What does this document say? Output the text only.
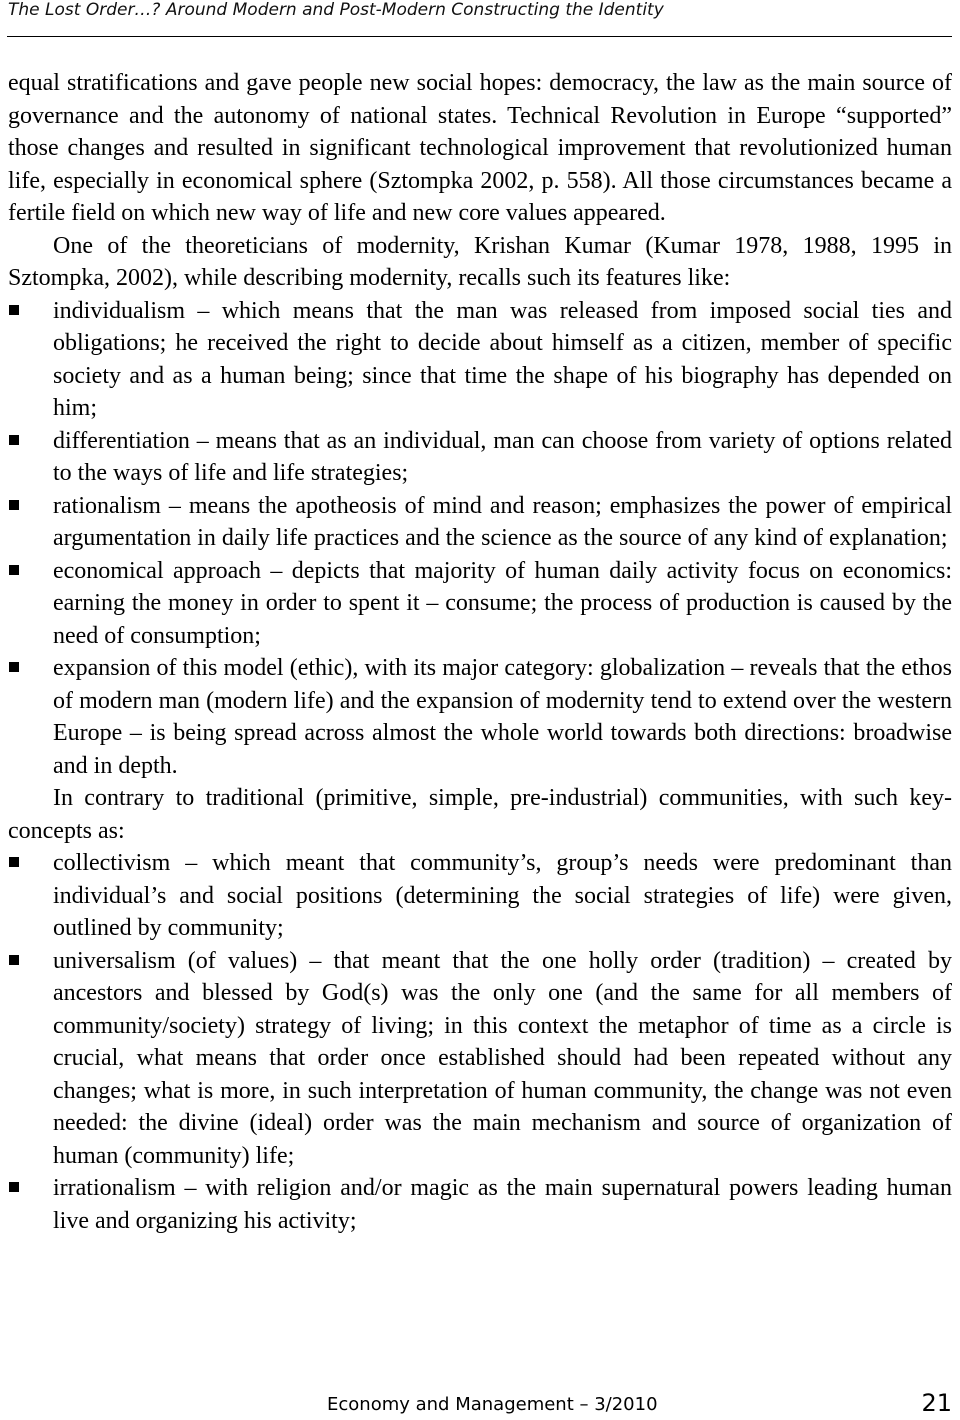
The Lost Order…? Around Modern and Post-Modern Constructing the Identity

equal stratifications and gave people new social hopes: democracy, the law as the main source of governance and the autonomy of national states. Technical Revolution in Europe “supported” those changes and resulted in significant technological improvement that revolutionized human life, especially in economical sphere (Sztompka 2002, p. 558). All those circumstances became a fertile field on which new way of life and new core values appeared.

One of the theoreticians of modernity, Krishan Kumar (Kumar 1978, 1988, 1995 in Sztompka, 2002), while describing modernity, recalls such its features like:

individualism – which means that the man was released from imposed social ties and obligations; he received the right to decide about himself as a citizen, member of specific society and as a human being; since that time the shape of his biography has depended on him;
differentiation – means that as an individual, man can choose from variety of options related to the ways of life and life strategies;
rationalism – means the apotheosis of mind and reason; emphasizes the power of empirical argumentation in daily life practices and the science as the source of any kind of explanation;
economical approach – depicts that majority of human daily activity focus on economics: earning the money in order to spent it – consume; the process of production is caused by the need of consumption;
expansion of this model (ethic), with its major category: globalization – reveals that the ethos of modern man (modern life) and the expansion of modernity tend to extend over the western Europe – is being spread across almost the whole world towards both directions: broadwise and in depth.

In contrary to traditional (primitive, simple, pre-industrial) communities, with such key-concepts as:

collectivism – which meant that community’s, group’s needs were predominant than individual’s and social positions (determining the social strategies of life) were given, outlined by community;
universalism (of values) – that meant that the one holly order (tradition) – created by ancestors and blessed by God(s) was the only one (and the same for all members of community/society) strategy of living; in this context the metaphor of time as a circle is crucial, what means that order once established should had been repeated without any changes; what is more, in such interpretation of human community, the change was not even needed: the divine (ideal) order was the main mechanism and source of organization of human (community) life;
irrationalism – with religion and/or magic as the main supernatural powers leading human live and organizing his activity;
Economy and Management – 3/2010	21
